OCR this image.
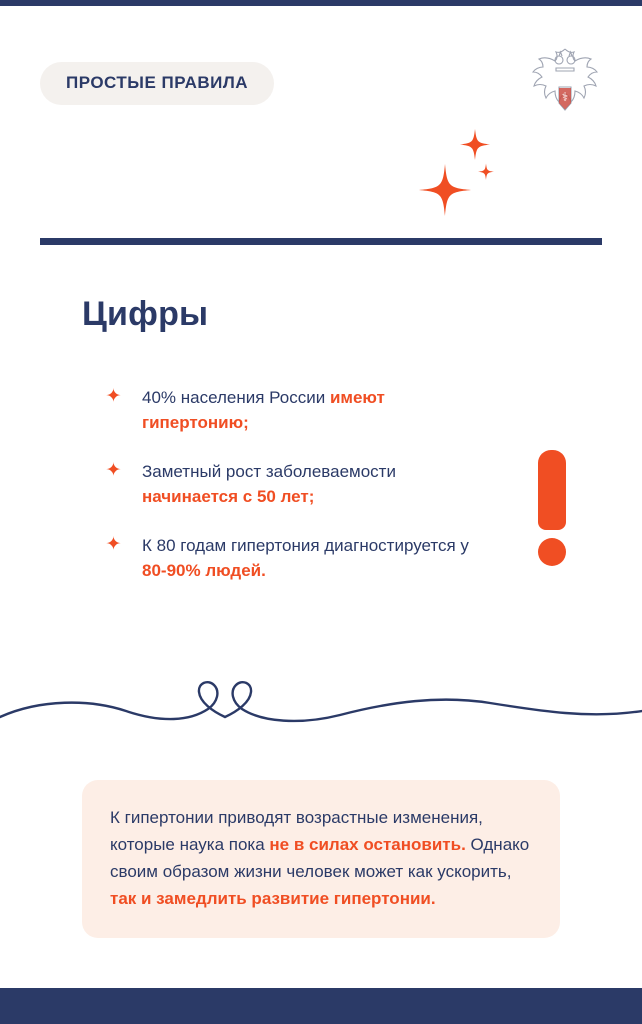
ПРОСТЫЕ ПРАВИЛА
⚕
Цифры
✦ 40% населения России имеют гипертонию;
✦ Заметный рост заболеваемости начинается с 50 лет;
✦ К 80 годам гипертония диагностируется у 80-90% людей.
К гипертонии приводят возрастные изменения, которые наука пока не в силах остановить. Однако своим образом жизни человек может как ускорить, так и замедлить развитие гипертонии.
